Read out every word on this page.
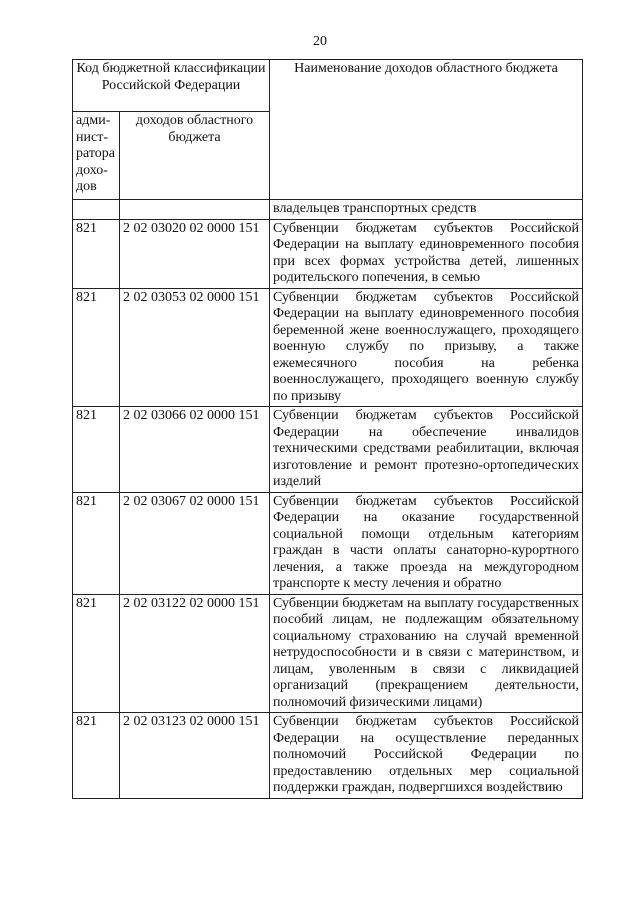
20
Код бюджетной классификации Российской Федерации		Наименование доходов областного бюджета
адми-нист-ратора дохо-дов	доходов областного бюджета	
		владельцев транспортных средств
821	2 02 03020 02 0000 151	Субвенции бюджетам субъектов Российской Федерации на выплату единовременного пособия при всех формах устройства детей, лишенных родительского попечения, в семью
821	2 02 03053 02 0000 151	Субвенции бюджетам субъектов Российской Федерации на выплату единовременного пособия беременной жене военнослужащего, проходящего военную службу по призыву, а также ежемесячного пособия на ребенка военнослужащего, проходящего военную службу по призыву
821	2 02 03066 02 0000 151	Субвенции бюджетам субъектов Российской Федерации на обеспечение инвалидов техническими средствами реабилитации, включая изготовление и ремонт протезно-ортопедических изделий
821	2 02 03067 02 0000 151	Субвенции бюджетам субъектов Российской Федерации на оказание государственной социальной помощи отдельным категориям граждан в части оплаты санаторно-курортного лечения, а также проезда на междугородном транспорте к месту лечения и обратно
821	2 02 03122 02 0000 151	Субвенции бюджетам на выплату государственных пособий лицам, не подлежащим обязательному социальному страхованию на случай временной нетрудоспособности и в связи с материнством, и лицам, уволенным в связи с ликвидацией организаций (прекращением деятельности, полномочий физическими лицами)
821	2 02 03123 02 0000 151	Субвенции бюджетам субъектов Российской Федерации на осуществление переданных полномочий Российской Федерации по предоставлению отдельных мер социальной поддержки граждан, подвергшихся воздействию
